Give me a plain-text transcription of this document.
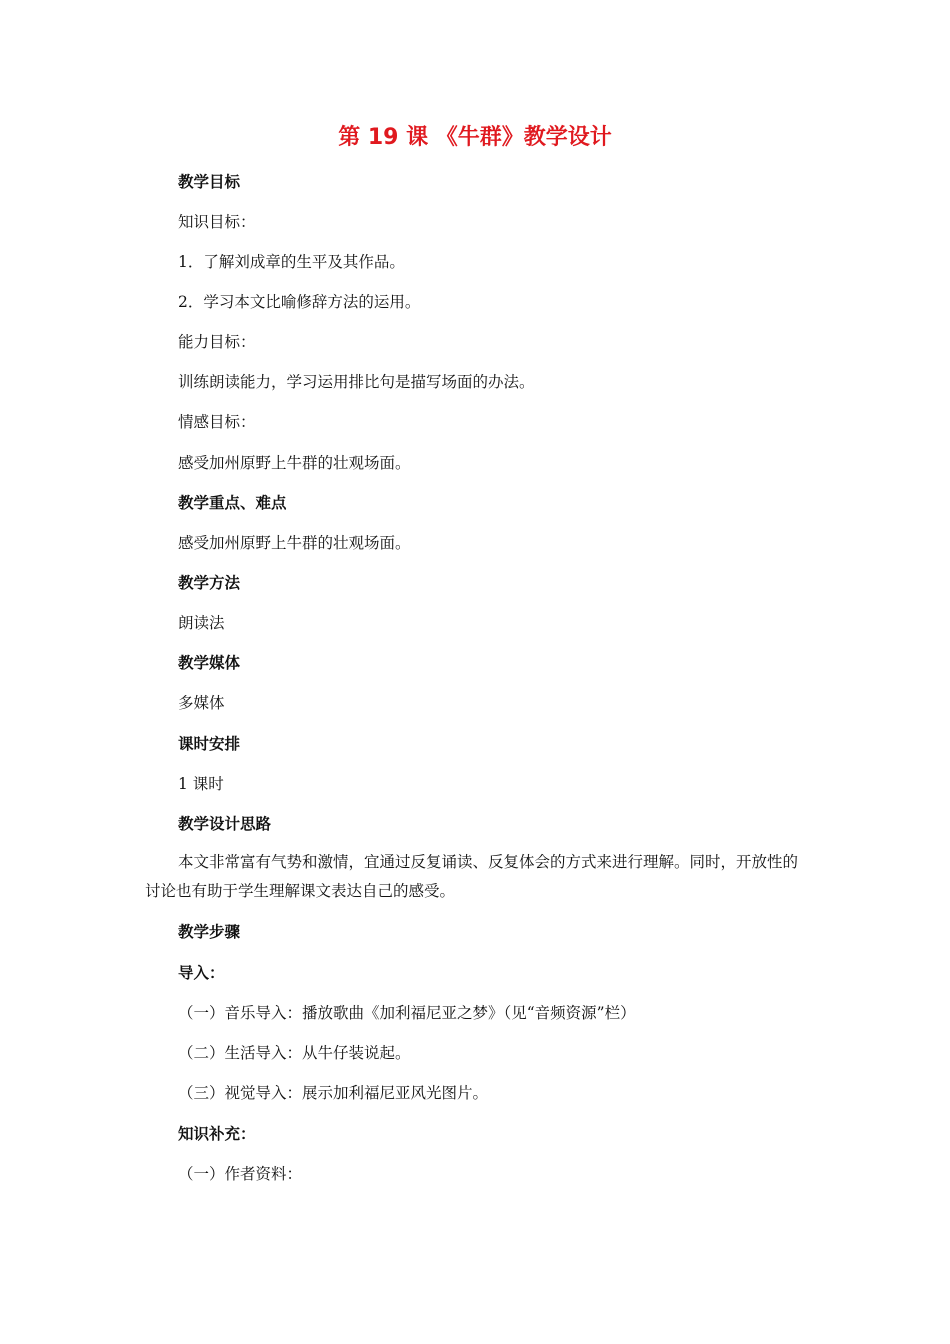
第 19 课 《牛群》教学设计
教学目标
知识目标：
1．了解刘成章的生平及其作品。
2．学习本文比喻修辞方法的运用。
能力目标：
训练朗读能力，学习运用排比句是描写场面的办法。
情感目标：
感受加州原野上牛群的壮观场面。
教学重点、难点
感受加州原野上牛群的壮观场面。
教学方法
朗读法
教学媒体
多媒体
课时安排
1 课时
教学设计思路
本文非常富有气势和激情，宜通过反复诵读、反复体会的方式来进行理解。同时，开放性的讨论也有助于学生理解课文表达自己的感受。
教学步骤
导入：
（一）音乐导入：播放歌曲《加利福尼亚之梦》（见“音频资源”栏）
（二）生活导入：从牛仔装说起。
（三）视觉导入：展示加利福尼亚风光图片。
知识补充：
（一）作者资料：
